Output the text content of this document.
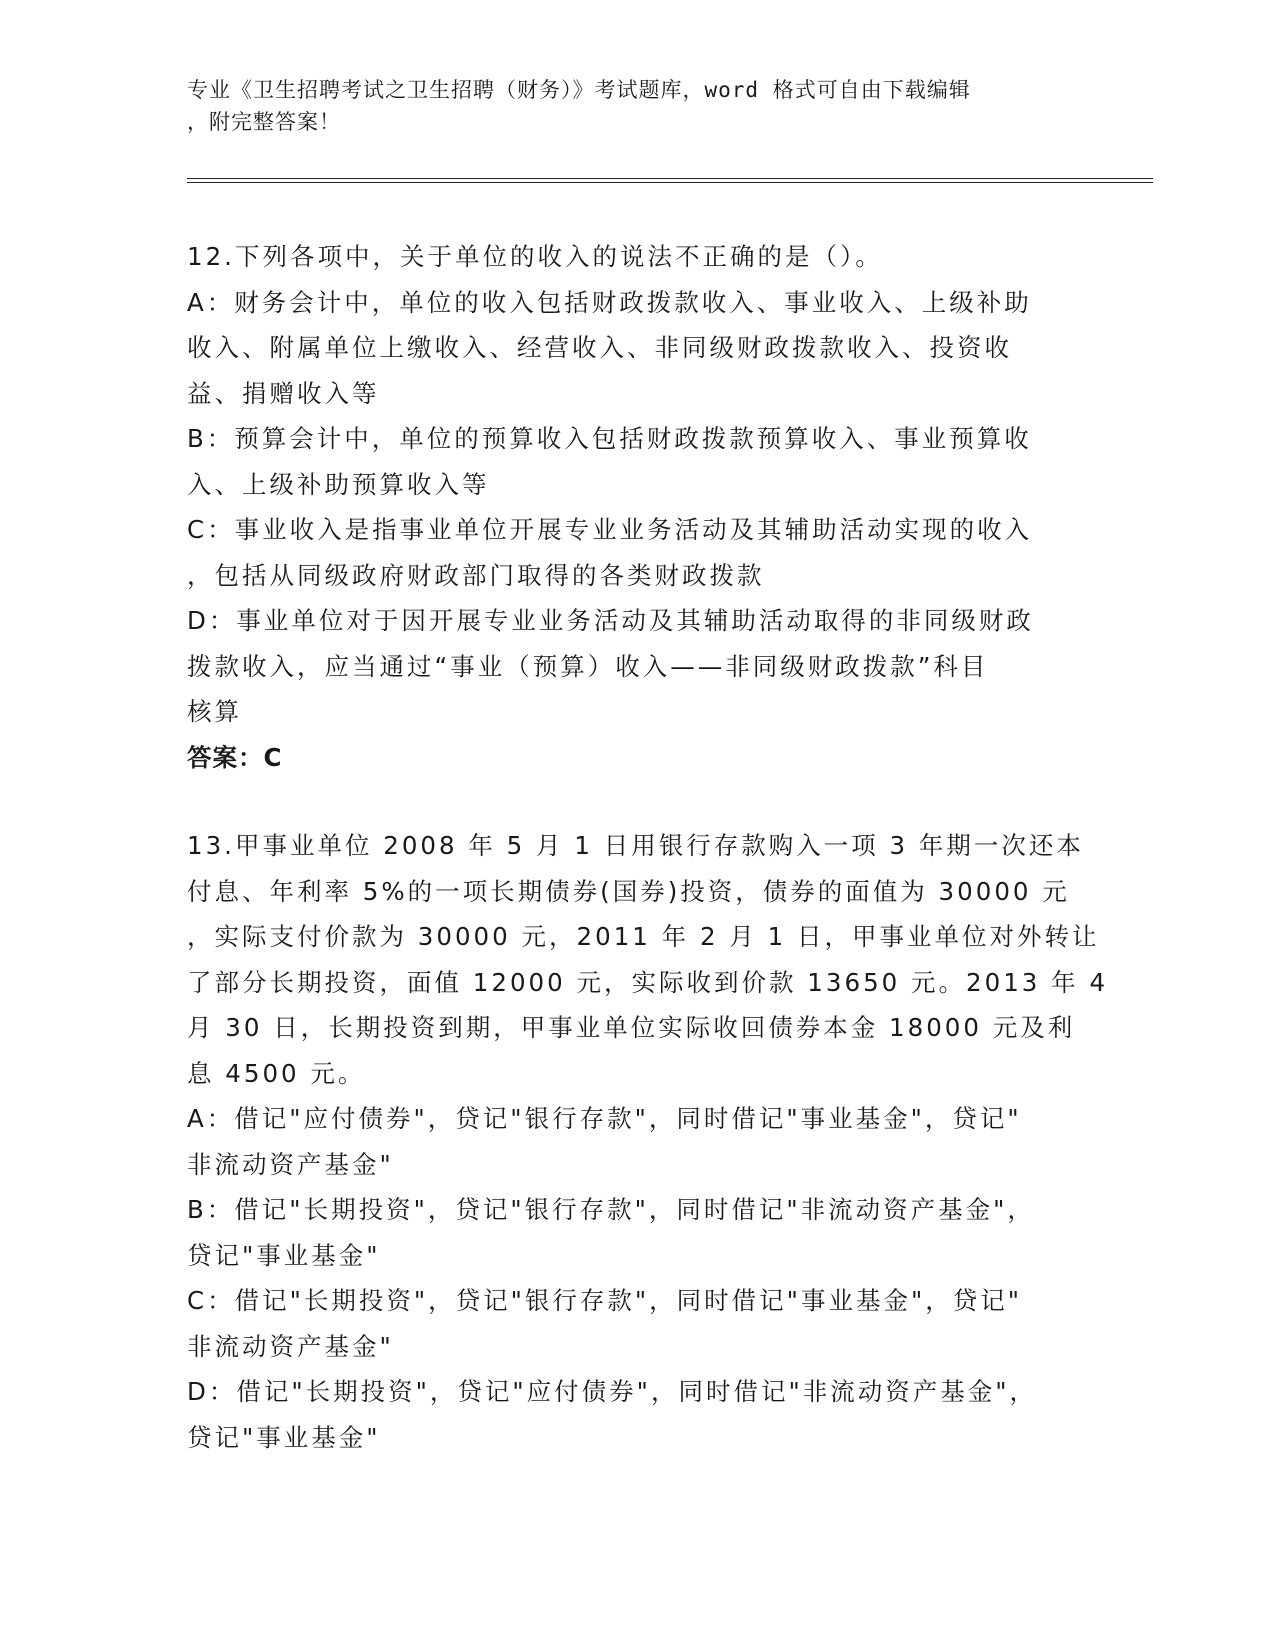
专业《卫生招聘考试之卫生招聘（财务）》考试题库，word 格式可自由下载编辑
，附完整答案！
12.下列各项中，关于单位的收入的说法不正确的是（）。
A：财务会计中，单位的收入包括财政拨款收入、事业收入、上级补助
收入、附属单位上缴收入、经营收入、非同级财政拨款收入、投资收
益、捐赠收入等
B：预算会计中，单位的预算收入包括财政拨款预算收入、事业预算收
入、上级补助预算收入等
C：事业收入是指事业单位开展专业业务活动及其辅助活动实现的收入
，包括从同级政府财政部门取得的各类财政拨款
D：事业单位对于因开展专业业务活动及其辅助活动取得的非同级财政
拨款收入，应当通过“事业（预算）收入——非同级财政拨款”科目
核算
答案：C
13.甲事业单位 2008 年 5 月 1 日用银行存款购入一项 3 年期一次还本
付息、年利率 5%的一项长期债券(国券)投资，债券的面值为 30000 元
，实际支付价款为 30000 元，2011 年 2 月 1 日，甲事业单位对外转让
了部分长期投资，面值 12000 元，实际收到价款 13650 元。2013 年 4
月 30 日，长期投资到期，甲事业单位实际收回债券本金 18000 元及利
息 4500 元。
A：借记"应付债券"，贷记"银行存款"，同时借记"事业基金"，贷记"
非流动资产基金"
B：借记"长期投资"，贷记"银行存款"，同时借记"非流动资产基金"，
贷记"事业基金"
C：借记"长期投资"，贷记"银行存款"，同时借记"事业基金"，贷记"
非流动资产基金"
D：借记"长期投资"，贷记"应付债券"，同时借记"非流动资产基金"，
贷记"事业基金"
